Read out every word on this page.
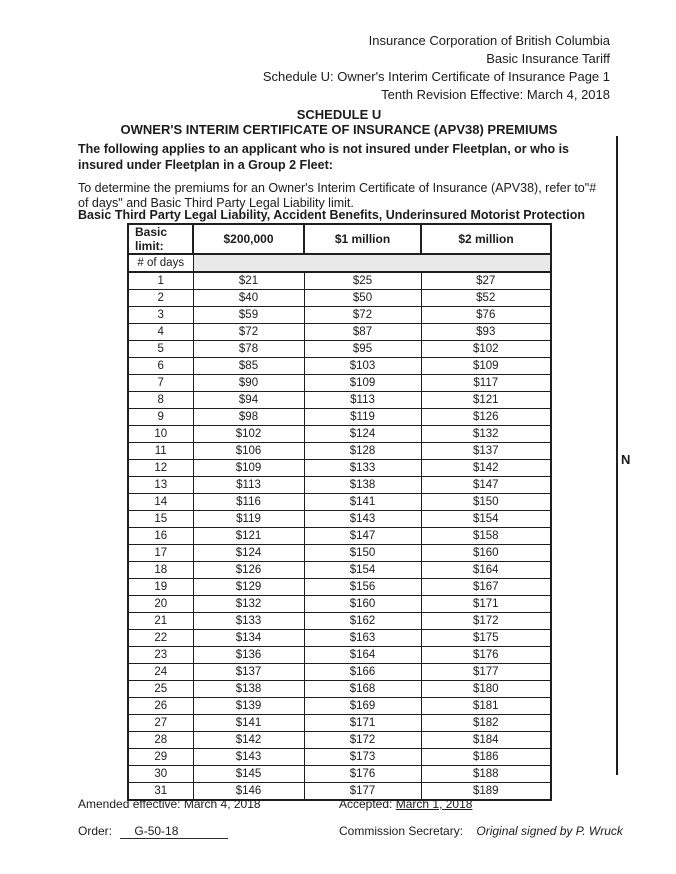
Insurance Corporation of British Columbia
Basic Insurance Tariff
Schedule U: Owner's Interim Certificate of Insurance Page 1
Tenth Revision Effective: March 4, 2018
SCHEDULE U
OWNER'S INTERIM CERTIFICATE OF INSURANCE (APV38) PREMIUMS
The following applies to an applicant who is not insured under Fleetplan, or who is insured under Fleetplan in a Group 2 Fleet:
To determine the premiums for an Owner's Interim Certificate of Insurance (APV38), refer to"# of days" and Basic Third Party Legal Liability limit.
Basic Third Party Legal Liability, Accident Benefits, Underinsured Motorist Protection
Basic limit:	$200,000	$1 million	$2 million
# of days			
1	$21	$25	$27
2	$40	$50	$52
3	$59	$72	$76
4	$72	$87	$93
5	$78	$95	$102
6	$85	$103	$109
7	$90	$109	$117
8	$94	$113	$121
9	$98	$119	$126
10	$102	$124	$132
11	$106	$128	$137
12	$109	$133	$142
13	$113	$138	$147
14	$116	$141	$150
15	$119	$143	$154
16	$121	$147	$158
17	$124	$150	$160
18	$126	$154	$164
19	$129	$156	$167
20	$132	$160	$171
21	$133	$162	$172
22	$134	$163	$175
23	$136	$164	$176
24	$137	$166	$177
25	$138	$168	$180
26	$139	$169	$181
27	$141	$171	$182
28	$142	$172	$184
29	$143	$173	$186
30	$145	$176	$188
31	$146	$177	$189
N
Amended effective: March 4, 2018	Accepted: March 1, 2018
Order: G-50-18	Commission Secretary: Original signed by P. Wruck
